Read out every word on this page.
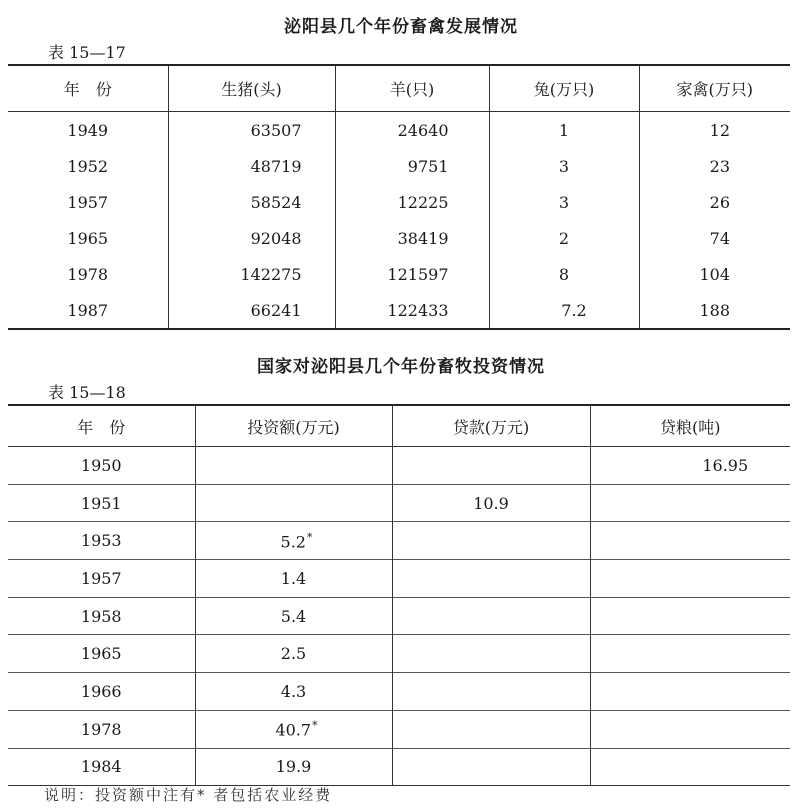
泌阳县几个年份畜禽发展情况
表 15—17
年　份	生猪(头)	羊(只)	兔(万只)	家禽(万只)
1949	63507	24640	1	12
1952	48719	9751	3	23
1957	58524	12225	3	26
1965	92048	38419	2	74
1978	142275	121597	8	104
1987	66241	122433	7.2	188
国家对泌阳县几个年份畜牧投资情况
表 15—18
年　份	投资额(万元)	贷款(万元)	贷粮(吨)
1950			16.95
1951		10.9	
1953	5.2*		
1957	1.4		
1958	5.4		
1965	2.5		
1966	4.3		
1978	40.7*		
1984	19.9		
说明：投资额中注有* 者包括农业经费
